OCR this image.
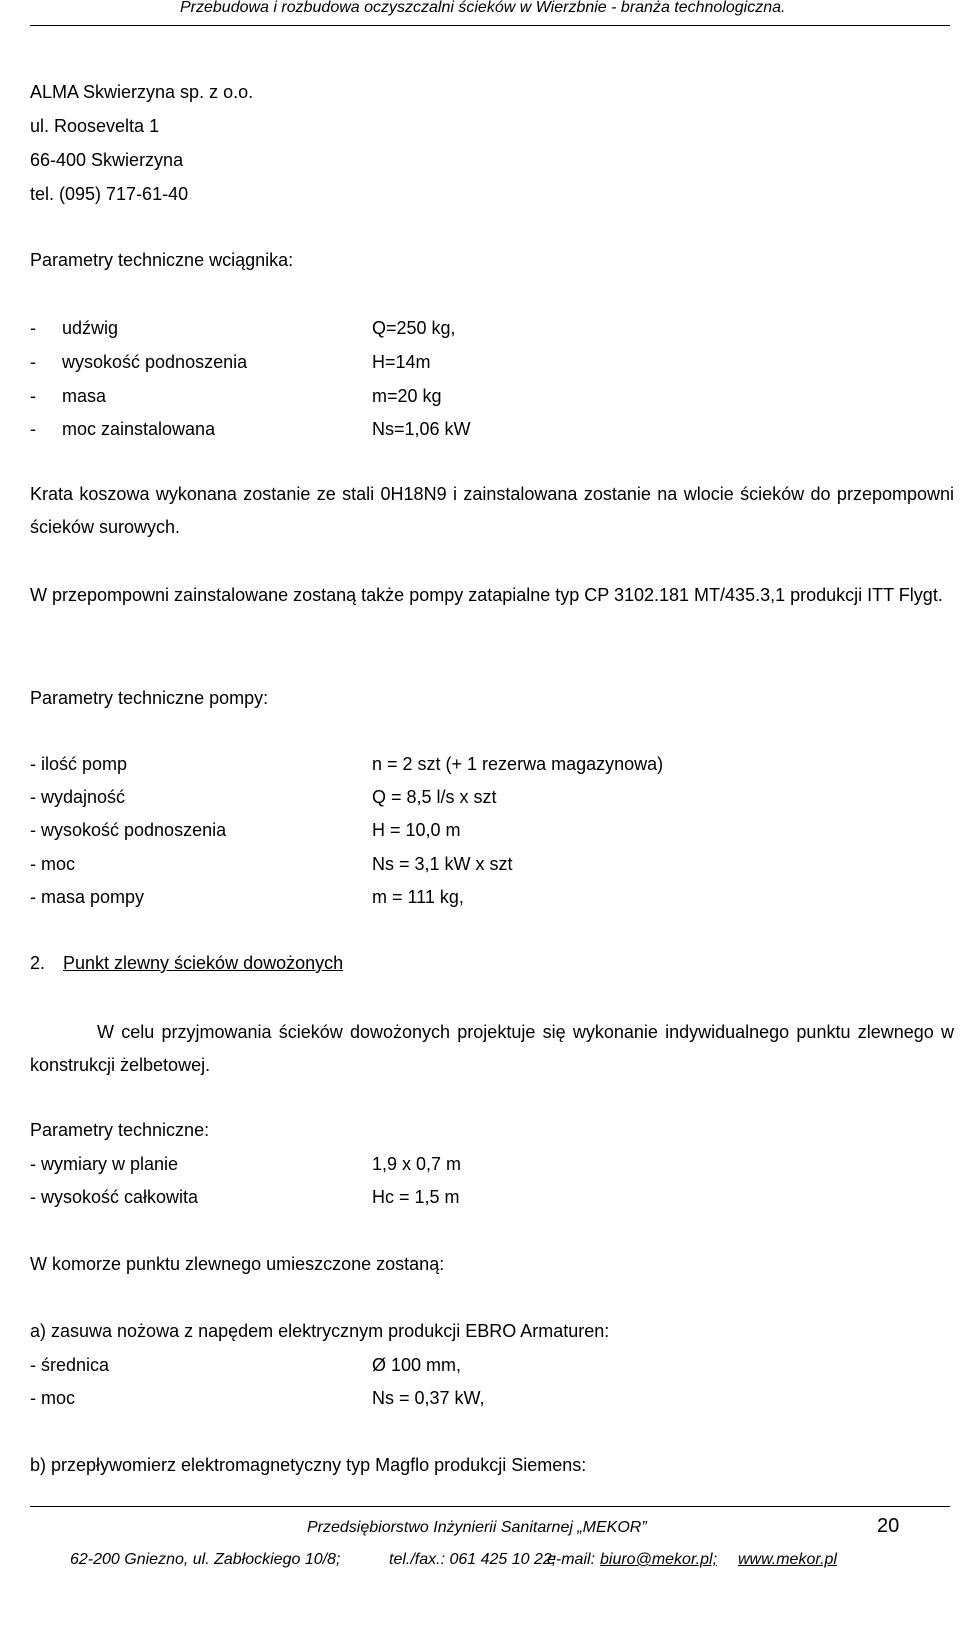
Przebudowa i rozbudowa oczyszczalni ścieków w Wierzbnie - branża technologiczna.
ALMA Skwierzyna sp. z o.o.
ul. Roosevelta 1
66-400 Skwierzyna
tel. (095) 717-61-40
Parametry techniczne wciągnika:
- udźwig	Q=250 kg,
- wysokość podnoszenia	H=14m
- masa	m=20 kg
- moc zainstalowana	Ns=1,06 kW
Krata koszowa wykonana zostanie ze stali 0H18N9 i zainstalowana zostanie na wlocie ścieków do przepompowni ścieków surowych.
W przepompowni zainstalowane zostaną także pompy zatapialne typ CP 3102.181 MT/435.3,1 produkcji ITT Flygt.
Parametry techniczne pompy:
- ilość pomp	n = 2 szt (+ 1 rezerwa magazynowa)
- wydajność	Q = 8,5 l/s x szt
- wysokość podnoszenia	H = 10,0 m
- moc	Ns = 3,1 kW x szt
- masa pompy	m = 111 kg,
2. Punkt zlewny ścieków dowożonych
W celu przyjmowania ścieków dowożonych projektuje się wykonanie indywidualnego punktu zlewnego w konstrukcji żelbetowej.
Parametry techniczne:
- wymiary w planie	1,9 x 0,7 m
- wysokość całkowita	Hc = 1,5 m
W komorze punktu zlewnego umieszczone zostaną:
a) zasuwa nożowa z napędem elektrycznym produkcji EBRO Armaturen:
- średnica	Ø 100 mm,
- moc	Ns = 0,37 kW,
b) przepływomierz elektromagnetyczny typ Magflo produkcji Siemens:
Przedsiębiorstwo Inżynierii Sanitarnej „MEKOR”	20
62-200 Gniezno, ul. Zabłockiego 10/8;	tel./fax.: 061 425 10 22;
e-mail: biuro@mekor.pl; www.mekor.pl
